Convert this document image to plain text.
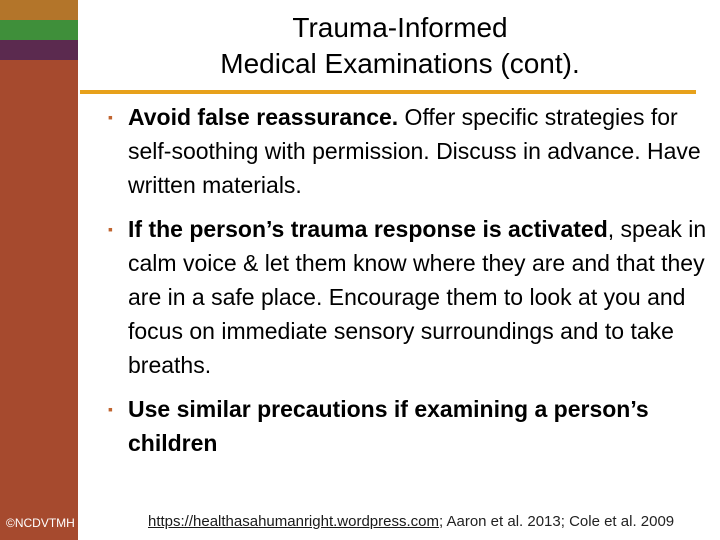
Trauma-Informed
Medical Examinations (cont).
▪ Avoid false reassurance. Offer specific strategies for self-soothing with permission. Discuss in advance. Have written materials.
▪ If the person’s trauma response is activated, speak in calm voice & let them know where they are and that they are in a safe place. Encourage them to look at you and focus on immediate sensory surroundings and to take breaths.
▪ Use similar precautions if examining a person’s children
©NCDVTMH	https://healthasahumanright.wordpress.com; Aaron et al. 2013; Cole et al. 2009
